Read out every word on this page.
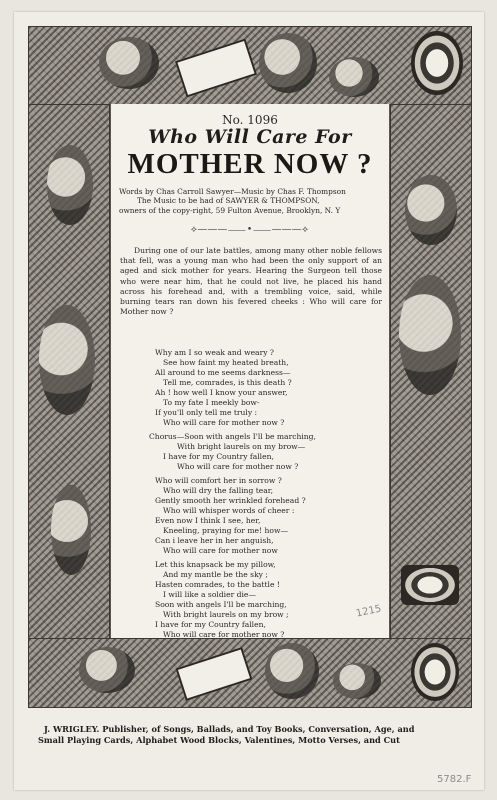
No. 1096
Who Will Care For
MOTHER NOW ?
Words by Chas Carroll Sawyer—Music by Chas F. Thompson
The Music to be had of SAWYER & THOMPSON,
owners of the copy-right, 59 Fulton Avenue, Brooklyn, N. Y
⟡―――⸺•⸺―――⟡
During one of our late battles, among many other noble fellows that fell, was a young man who had been the only support of an aged and sick mother for years. Hearing the Surgeon tell those who were near him, that he could not live, he placed his hand across his forehead and, with a trembling voice, said, while burning tears ran down his fevered cheeks : Who will care for Mother now ?
Why am I so weak and weary ?
See how faint my heated breath,
All around to me seems darkness—
Tell me, comrades, is this death ?
Ah ! how well I know your answer,
To my fate I meekly bow-
If you'll only tell me truly :
Who will care for mother now ?
Chorus—Soon with angels I'll be marching,
With bright laurels on my brow—
I have for my Country fallen,
Who will care for mother now ?
Who will comfort her in sorrow ?
Who will dry the falling tear,
Gently smooth her wrinkled forehead ?
Who will whisper words of cheer :
Even now I think I see, her,
Kneeling, praying for me! how—
Can i leave her in her anguish,
Who will care for mother now
Let this knapsack be my pillow,
And my mantle be the sky ;
Hasten comrades, to the battle !
I will like a soldier die—
Soon with angels I'll be marching,
With bright laurels on my brow ;
I have for my Country fallen,
Who will care for mother now ?
1215
J. WRIGLEY. Publisher, of Songs, Ballads, and Toy Books, Conversation, Age, and
Small Playing Cards, Alphabet Wood Blocks, Valentines, Motto Verses, and Cut
5782.F
